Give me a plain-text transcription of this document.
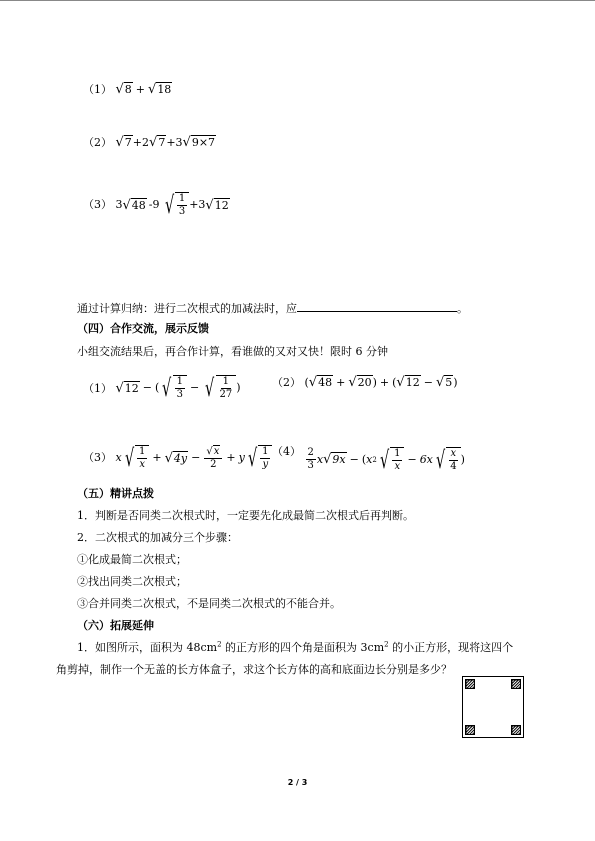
（1） √ 8 + √ 18
（2） √ 7 +2 √ 7 +3 √ 9×7
（3） 3 √ 48 -9 √ $\frac{1}{3} +3$ √ 12
通过计算归纳：进行二次根式的加减法时，应	。
（四）合作交流，展示反馈
小组交流结果后，再合作计算，看谁做的又对又快！限时 6 分钟
（1） √ 12 − ( √ $\frac{1}{3}$ − √ $\frac{1}{27}$ )	（2） ( √ 48 + √ 20 ) + ( √ 12 − √ 5 )
（3） x √ $\frac{1}{x}$ + √ $4y - \frac{√ x}{2} + y$ √ $\frac{1}{y} (4) \frac{2}{3}$ x √ 9x − ( x 2 √ $\frac{1}{x} - 6x$ √ $\frac{x}{4}$ )
（五）精讲点拨
1．判断是否同类二次根式时，一定要先化成最简二次根式后再判断。
2．二次根式的加减分三个步骤：
①化成最简二次根式；
②找出同类二次根式；
③合并同类二次根式，不是同类二次根式的不能合并。
（六）拓展延伸
1．如图所示，面积为 $48cm^2$ 的正方形的四个角是面积为 $3cm^2$ 的小正方形，现将这四个
角剪掉，制作一个无盖的长方体盒子，求这个长方体的高和底面边长分别是多少？
2 / 3
